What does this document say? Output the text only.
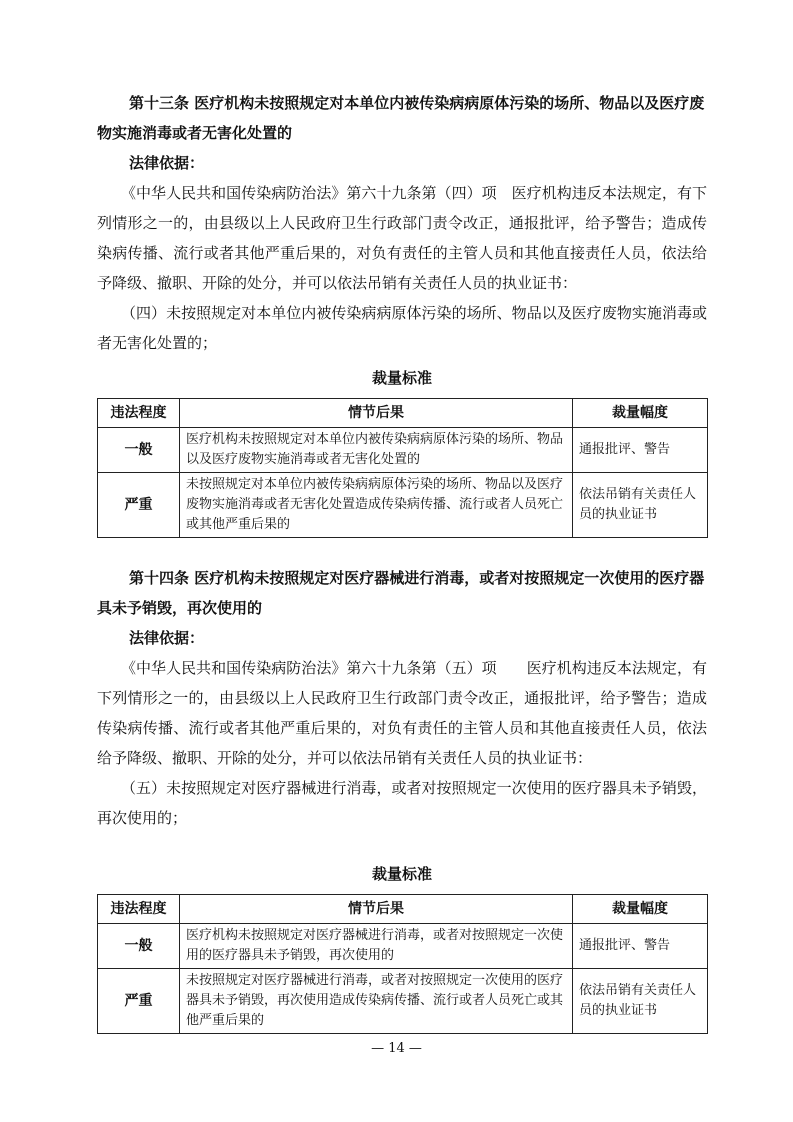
第十三条 医疗机构未按照规定对本单位内被传染病病原体污染的场所、物品以及医疗废物实施消毒或者无害化处置的

法律依据：

《中华人民共和国传染病防治法》第六十九条第（四）项　医疗机构违反本法规定，有下列情形之一的，由县级以上人民政府卫生行政部门责令改正，通报批评，给予警告；造成传染病传播、流行或者其他严重后果的，对负有责任的主管人员和其他直接责任人员，依法给予降级、撤职、开除的处分，并可以依法吊销有关责任人员的执业证书：

（四）未按照规定对本单位内被传染病病原体污染的场所、物品以及医疗废物实施消毒或者无害化处置的；

裁量标准

违法程度	情节后果	裁量幅度
一般	医疗机构未按照规定对本单位内被传染病病原体污染的场所、物品以及医疗废物实施消毒或者无害化处置的	通报批评、警告
严重	未按照规定对本单位内被传染病病原体污染的场所、物品以及医疗废物实施消毒或者无害化处置造成传染病传播、流行或者人员死亡或其他严重后果的	依法吊销有关责任人员的执业证书

第十四条 医疗机构未按照规定对医疗器械进行消毒，或者对按照规定一次使用的医疗器具未予销毁，再次使用的

法律依据：

《中华人民共和国传染病防治法》第六十九条第（五）项　　医疗机构违反本法规定，有下列情形之一的，由县级以上人民政府卫生行政部门责令改正，通报批评，给予警告；造成传染病传播、流行或者其他严重后果的，对负有责任的主管人员和其他直接责任人员，依法给予降级、撤职、开除的处分，并可以依法吊销有关责任人员的执业证书：

（五）未按照规定对医疗器械进行消毒，或者对按照规定一次使用的医疗器具未予销毁，再次使用的；

裁量标准

违法程度	情节后果	裁量幅度
一般	医疗机构未按照规定对医疗器械进行消毒，或者对按照规定一次使用的医疗器具未予销毁，再次使用的	通报批评、警告
严重	未按照规定对医疗器械进行消毒，或者对按照规定一次使用的医疗器具未予销毁，再次使用造成传染病传播、流行或者人员死亡或其他严重后果的	依法吊销有关责任人员的执业证书
— 14 —
